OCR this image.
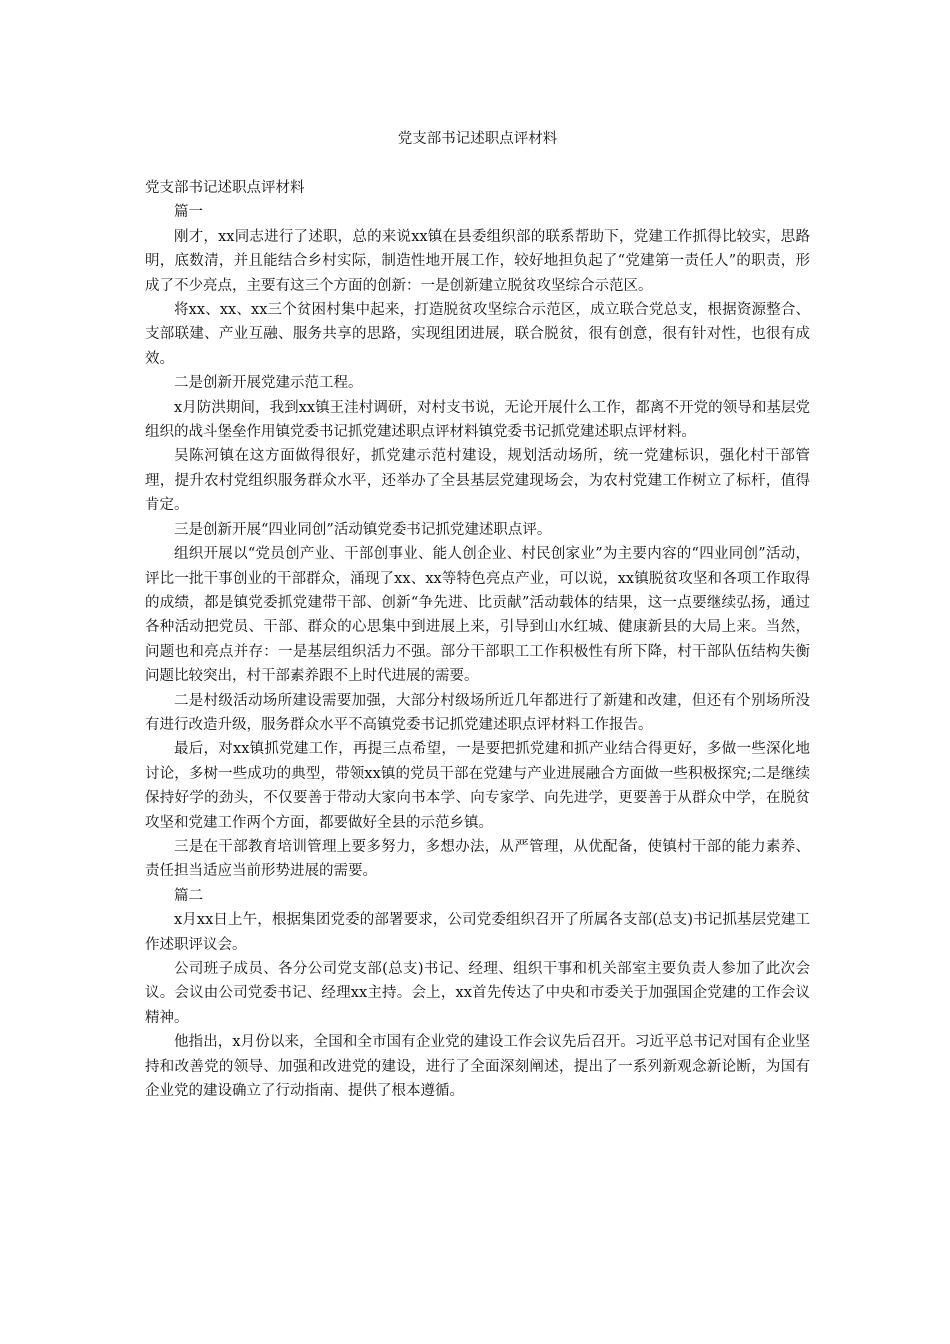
党支部书记述职点评材料

党支部书记述职点评材料

篇一

刚才，xx同志进行了述职，总的来说xx镇在县委组织部的联系帮助下，党建工作抓得比较实，思路明，底数清，并且能结合乡村实际，制造性地开展工作，较好地担负起了“党建第一责任人”的职责，形成了不少亮点，主要有这三个方面的创新：一是创新建立脱贫攻坚综合示范区。

将xx、xx、xx三个贫困村集中起来，打造脱贫攻坚综合示范区，成立联合党总支，根据资源整合、支部联建、产业互融、服务共享的思路，实现组团进展，联合脱贫，很有创意，很有针对性，也很有成效。

二是创新开展党建示范工程。

x月防洪期间，我到xx镇王洼村调研，对村支书说，无论开展什么工作，都离不开党的领导和基层党组织的战斗堡垒作用镇党委书记抓党建述职点评材料镇党委书记抓党建述职点评材料。

吴陈河镇在这方面做得很好，抓党建示范村建设，规划活动场所，统一党建标识，强化村干部管理，提升农村党组织服务群众水平，还举办了全县基层党建现场会，为农村党建工作树立了标杆，值得肯定。

三是创新开展“四业同创”活动镇党委书记抓党建述职点评。

组织开展以“党员创产业、干部创事业、能人创企业、村民创家业”为主要内容的“四业同创”活动，评比一批干事创业的干部群众，涌现了xx、xx等特色亮点产业，可以说，xx镇脱贫攻坚和各项工作取得的成绩，都是镇党委抓党建带干部、创新“争先进、比贡献”活动载体的结果，这一点要继续弘扬，通过各种活动把党员、干部、群众的心思集中到进展上来，引导到山水红城、健康新县的大局上来。当然，问题也和亮点并存：一是基层组织活力不强。部分干部职工工作积极性有所下降，村干部队伍结构失衡问题比较突出，村干部素养跟不上时代进展的需要。

二是村级活动场所建设需要加强，大部分村级场所近几年都进行了新建和改建，但还有个别场所没有进行改造升级，服务群众水平不高镇党委书记抓党建述职点评材料工作报告。

最后，对xx镇抓党建工作，再提三点希望，一是要把抓党建和抓产业结合得更好，多做一些深化地讨论，多树一些成功的典型，带领xx镇的党员干部在党建与产业进展融合方面做一些积极探究;二是继续保持好学的劲头，不仅要善于带动大家向书本学、向专家学、向先进学，更要善于从群众中学，在脱贫攻坚和党建工作两个方面，都要做好全县的示范乡镇。

三是在干部教育培训管理上要多努力，多想办法，从严管理，从优配备，使镇村干部的能力素养、责任担当适应当前形势进展的需要。

篇二

x月xx日上午，根据集团党委的部署要求，公司党委组织召开了所属各支部(总支)书记抓基层党建工作述职评议会。

公司班子成员、各分公司党支部(总支)书记、经理、组织干事和机关部室主要负责人参加了此次会议。会议由公司党委书记、经理xx主持。会上，xx首先传达了中央和市委关于加强国企党建的工作会议精神。

他指出，x月份以来，全国和全市国有企业党的建设工作会议先后召开。习近平总书记对国有企业坚持和改善党的领导、加强和改进党的建设，进行了全面深刻阐述，提出了一系列新观念新论断，为国有企业党的建设确立了行动指南、提供了根本遵循。
